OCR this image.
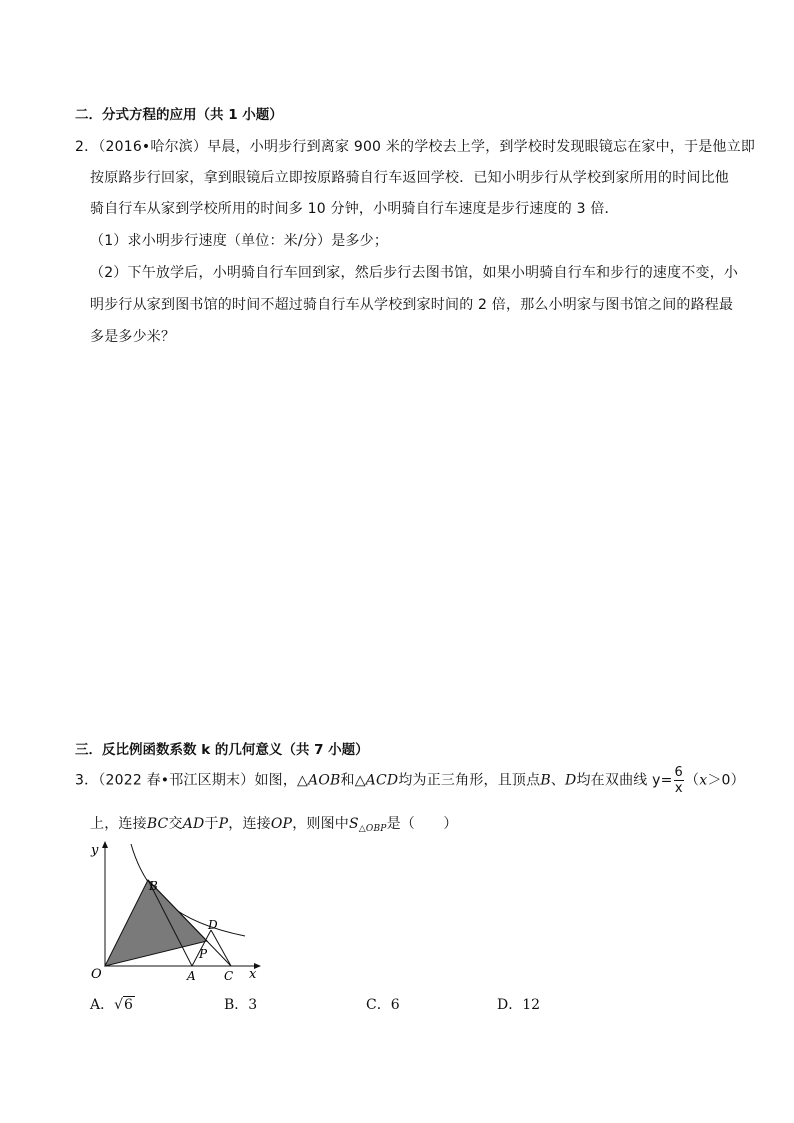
二．分式方程的应用（共 1 小题）
2．（2016•哈尔滨）早晨，小明步行到离家 900 米的学校去上学，到学校时发现眼镜忘在家中，于是他立即
按原路步行回家，拿到眼镜后立即按原路骑自行车返回学校．已知小明步行从学校到家所用的时间比他
骑自行车从家到学校所用的时间多 10 分钟，小明骑自行车速度是步行速度的 3 倍．
（1）求小明步行速度（单位：米/分）是多少；
（2）下午放学后，小明骑自行车回到家，然后步行去图书馆，如果小明骑自行车和步行的速度不变，小
明步行从家到图书馆的时间不超过骑自行车从学校到家时间的 2 倍，那么小明家与图书馆之间的路程最
多是多少米？
三．反比例函数系数 k 的几何意义（共 7 小题）
3．（2022 春•邗江区期末）如图，△AOB和△ACD均为正三角形，且顶点B、D均在双曲线 $y= \frac{6}{x} (x>0)$
上，连接BC交AD于P，连接OP，则图中$S_{\triangle OBP}$是（　　）
y
O	A C x
B
D
P
A．√6	B．3	C．6	D．12
